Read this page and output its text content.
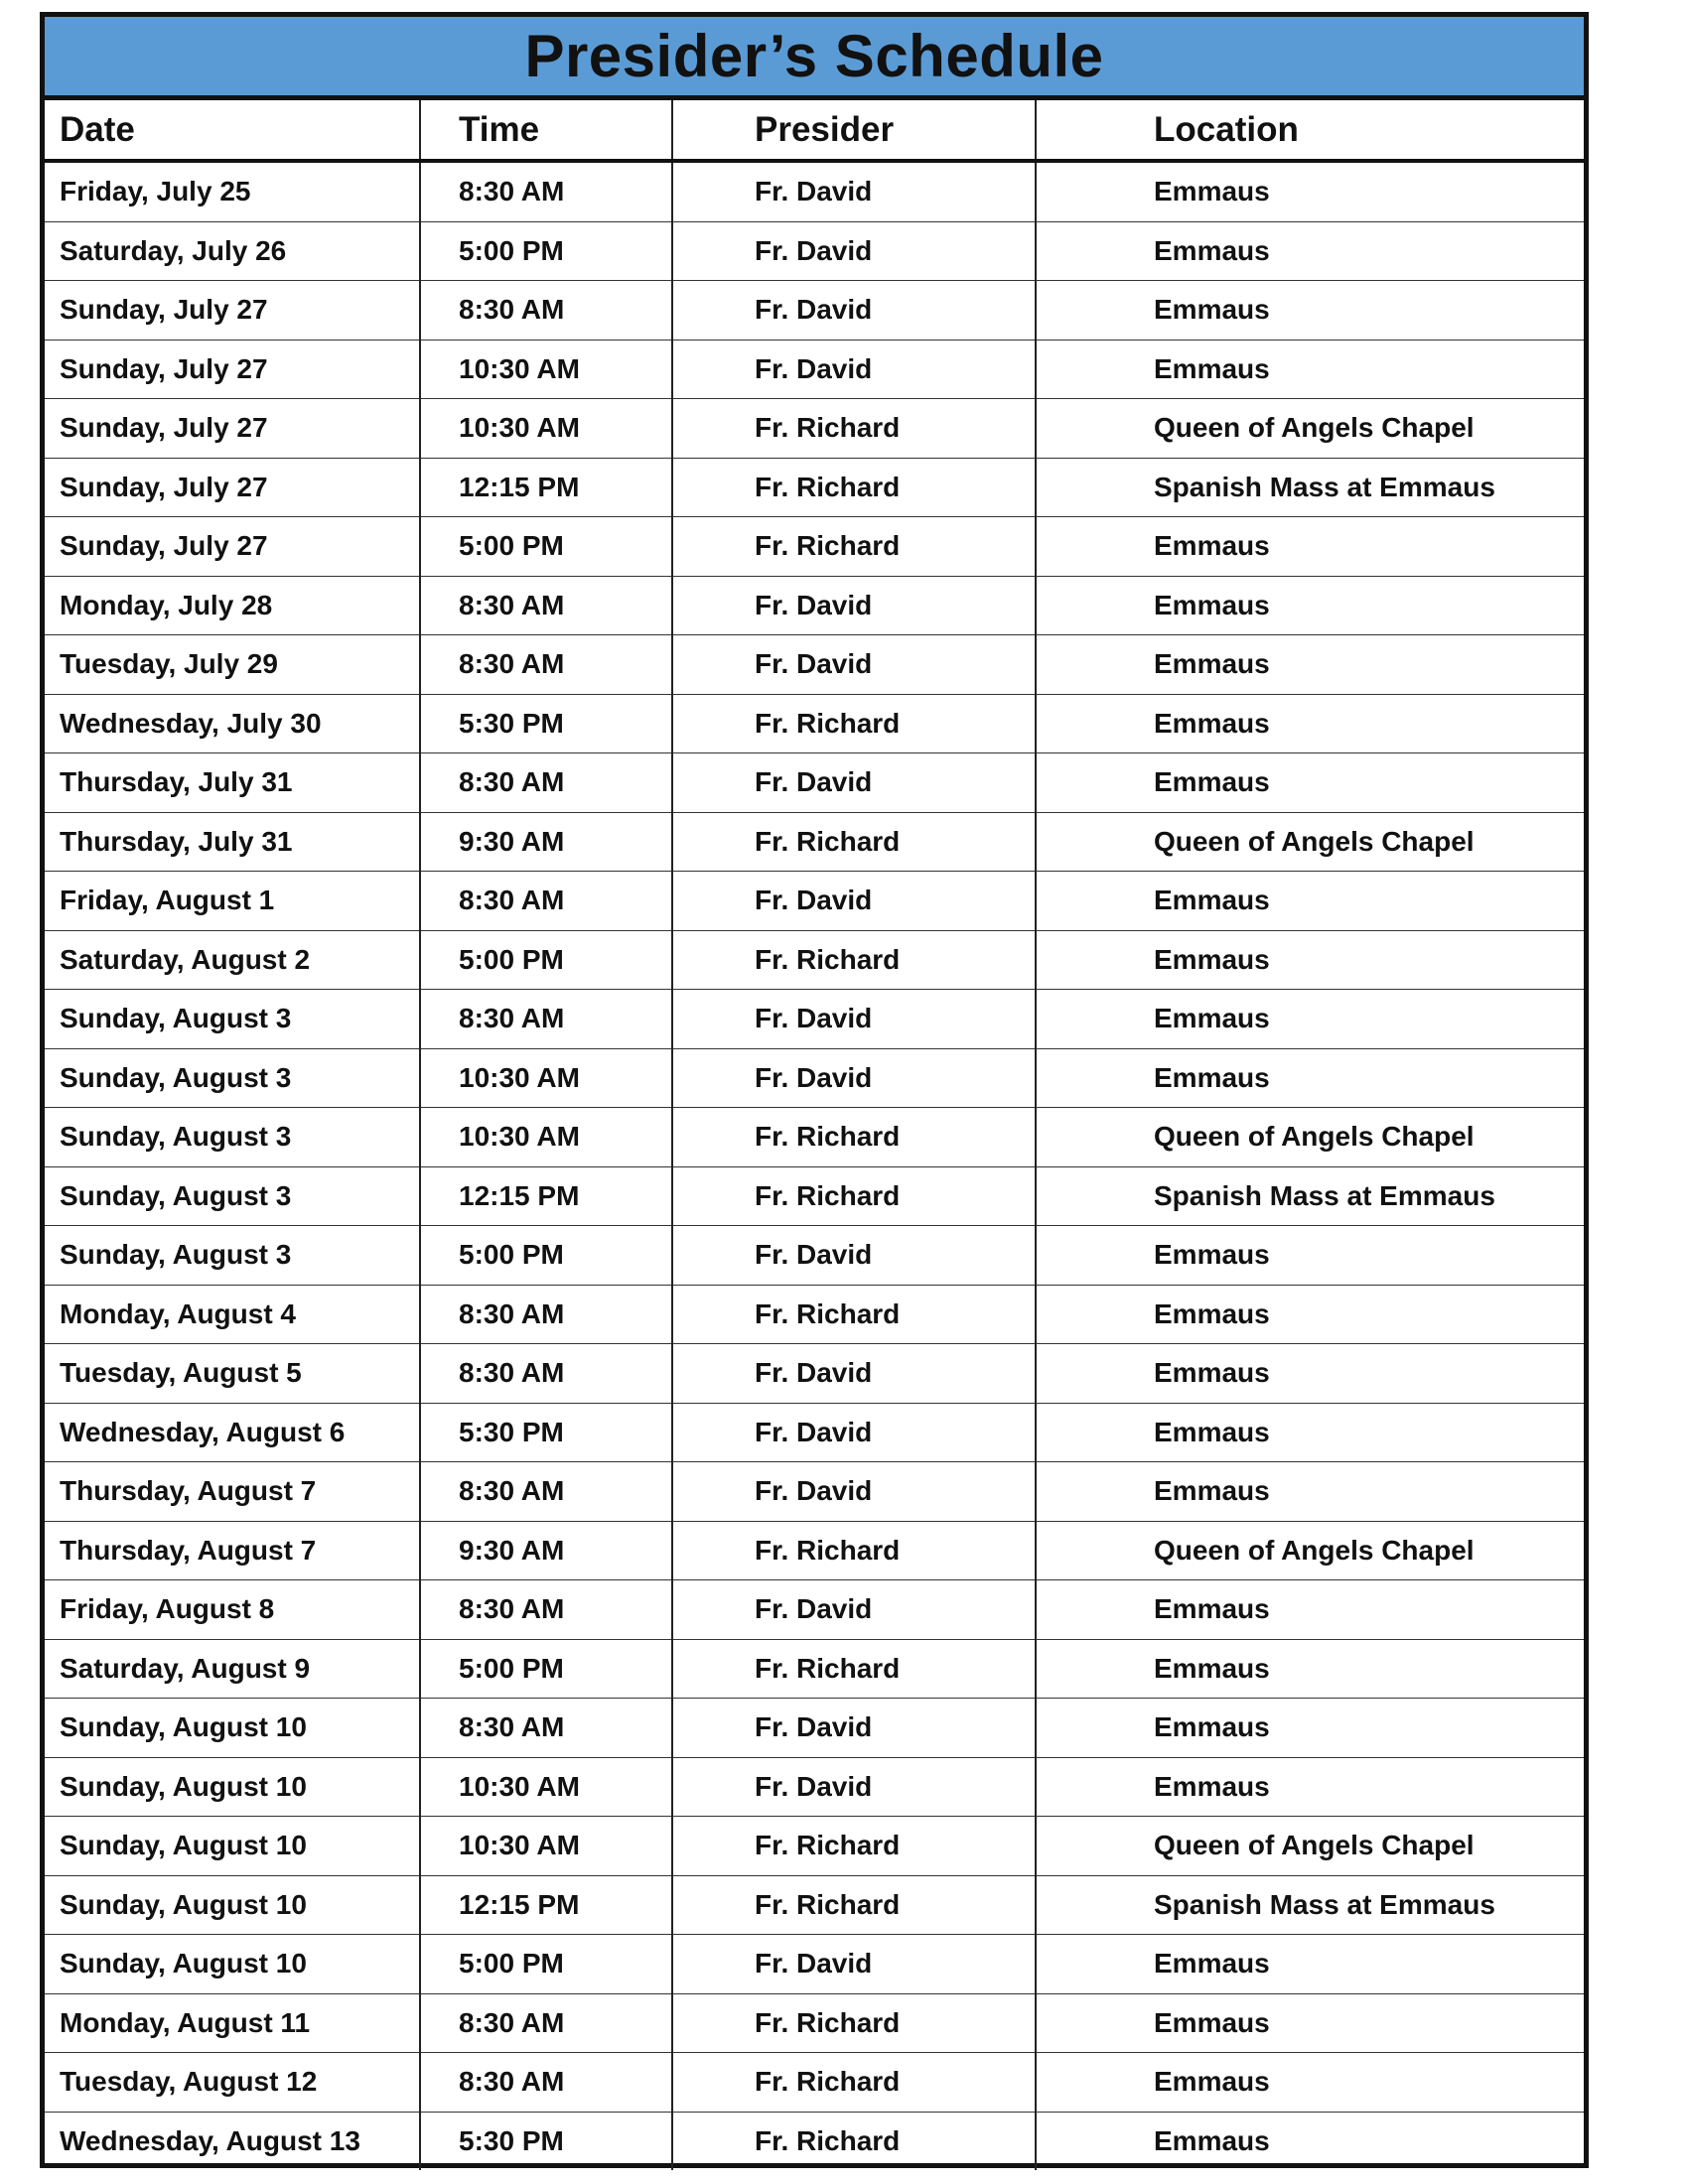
Presider’s Schedule
Date	Time	Presider	Location
Friday, July 25	8:30 AM	Fr. David	Emmaus
Saturday, July 26	5:00 PM	Fr. David	Emmaus
Sunday, July 27	8:30 AM	Fr. David	Emmaus
Sunday, July 27	10:30 AM	Fr. David	Emmaus
Sunday, July 27	10:30 AM	Fr. Richard	Queen of Angels Chapel
Sunday, July 27	12:15 PM	Fr. Richard	Spanish Mass at Emmaus
Sunday, July 27	5:00 PM	Fr. Richard	Emmaus
Monday, July 28	8:30 AM	Fr. David	Emmaus
Tuesday, July 29	8:30 AM	Fr. David	Emmaus
Wednesday, July 30	5:30 PM	Fr. Richard	Emmaus
Thursday, July 31	8:30 AM	Fr. David	Emmaus
Thursday, July 31	9:30 AM	Fr. Richard	Queen of Angels Chapel
Friday, August 1	8:30 AM	Fr. David	Emmaus
Saturday, August 2	5:00 PM	Fr. Richard	Emmaus
Sunday, August 3	8:30 AM	Fr. David	Emmaus
Sunday, August 3	10:30 AM	Fr. David	Emmaus
Sunday, August 3	10:30 AM	Fr. Richard	Queen of Angels Chapel
Sunday, August 3	12:15 PM	Fr. Richard	Spanish Mass at Emmaus
Sunday, August 3	5:00 PM	Fr. David	Emmaus
Monday, August 4	8:30 AM	Fr. Richard	Emmaus
Tuesday, August 5	8:30 AM	Fr. David	Emmaus
Wednesday, August 6	5:30 PM	Fr. David	Emmaus
Thursday, August 7	8:30 AM	Fr. David	Emmaus
Thursday, August 7	9:30 AM	Fr. Richard	Queen of Angels Chapel
Friday, August 8	8:30 AM	Fr. David	Emmaus
Saturday, August 9	5:00 PM	Fr. Richard	Emmaus
Sunday, August 10	8:30 AM	Fr. David	Emmaus
Sunday, August 10	10:30 AM	Fr. David	Emmaus
Sunday, August 10	10:30 AM	Fr. Richard	Queen of Angels Chapel
Sunday, August 10	12:15 PM	Fr. Richard	Spanish Mass at Emmaus
Sunday, August 10	5:00 PM	Fr. David	Emmaus
Monday, August 11	8:30 AM	Fr. Richard	Emmaus
Tuesday, August 12	8:30 AM	Fr. Richard	Emmaus
Wednesday, August 13	5:30 PM	Fr. Richard	Emmaus
